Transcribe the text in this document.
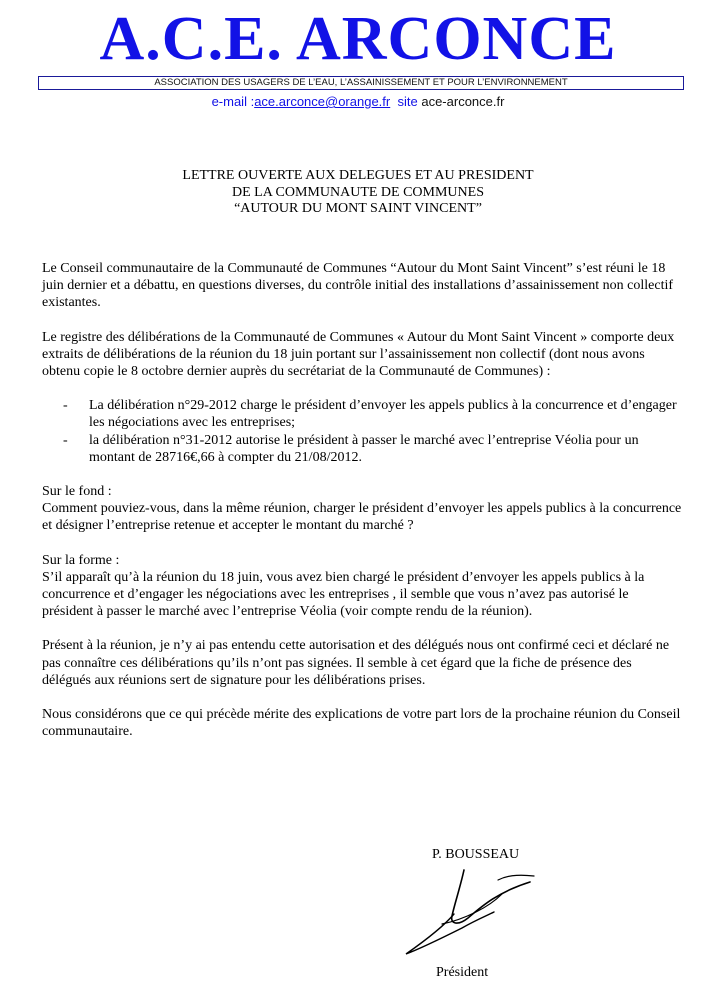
A.C.E. ARCONCE
ASSOCIATION DES USAGERS DE L’EAU, L’ASSAINISSEMENT ET POUR L’ENVIRONNEMENT
e-mail :ace.arconce@orange.fr site ace-arconce.fr
LETTRE OUVERTE AUX DELEGUES ET AU PRESIDENT
DE LA COMMUNAUTE DE COMMUNES
“AUTOUR DU MONT SAINT VINCENT”

Le Conseil communautaire de la Communauté de Communes “Autour du Mont Saint Vincent” s’est réuni le 18 juin dernier et a débattu, en questions diverses, du contrôle initial des installations d’assainissement non collectif existantes.

Le registre des délibérations de la Communauté de Communes « Autour du Mont Saint Vincent » comporte deux extraits de délibérations de la réunion du 18 juin portant sur l’assainissement non collectif (dont nous avons obtenu copie le 8 octobre dernier auprès du secrétariat de la Communauté de Communes) :

- La délibération n°29-2012 charge le président d’envoyer les appels publics à la concurrence et d’engager les négociations avec les entreprises;
- la délibération n°31-2012 autorise le président à passer le marché avec l’entreprise Véolia pour un montant de 28716€,66 à compter du 21/08/2012.

Sur le fond :
Comment pouviez-vous, dans la même réunion, charger le président d’envoyer les appels publics à la concurrence et désigner l’entreprise retenue et accepter le montant du marché ?

Sur la forme :
S’il apparaît qu’à la réunion du 18 juin, vous avez bien chargé le président d’envoyer les appels publics à la concurrence et d’engager les négociations avec les entreprises , il semble que vous n’avez pas autorisé le président à passer le marché avec l’entreprise Véolia (voir compte rendu de la réunion).

Présent à la réunion, je n’y ai pas entendu cette autorisation et des délégués nous ont confirmé ceci et déclaré ne pas connaître ces délibérations qu’ils n’ont pas signées. Il semble à cet égard que la fiche de présence des délégués aux réunions sert de signature pour les délibérations prises.

Nous considérons que ce qui précède mérite des explications de votre part lors de la prochaine réunion du Conseil communautaire.

P. BOUSSEAU
Président
